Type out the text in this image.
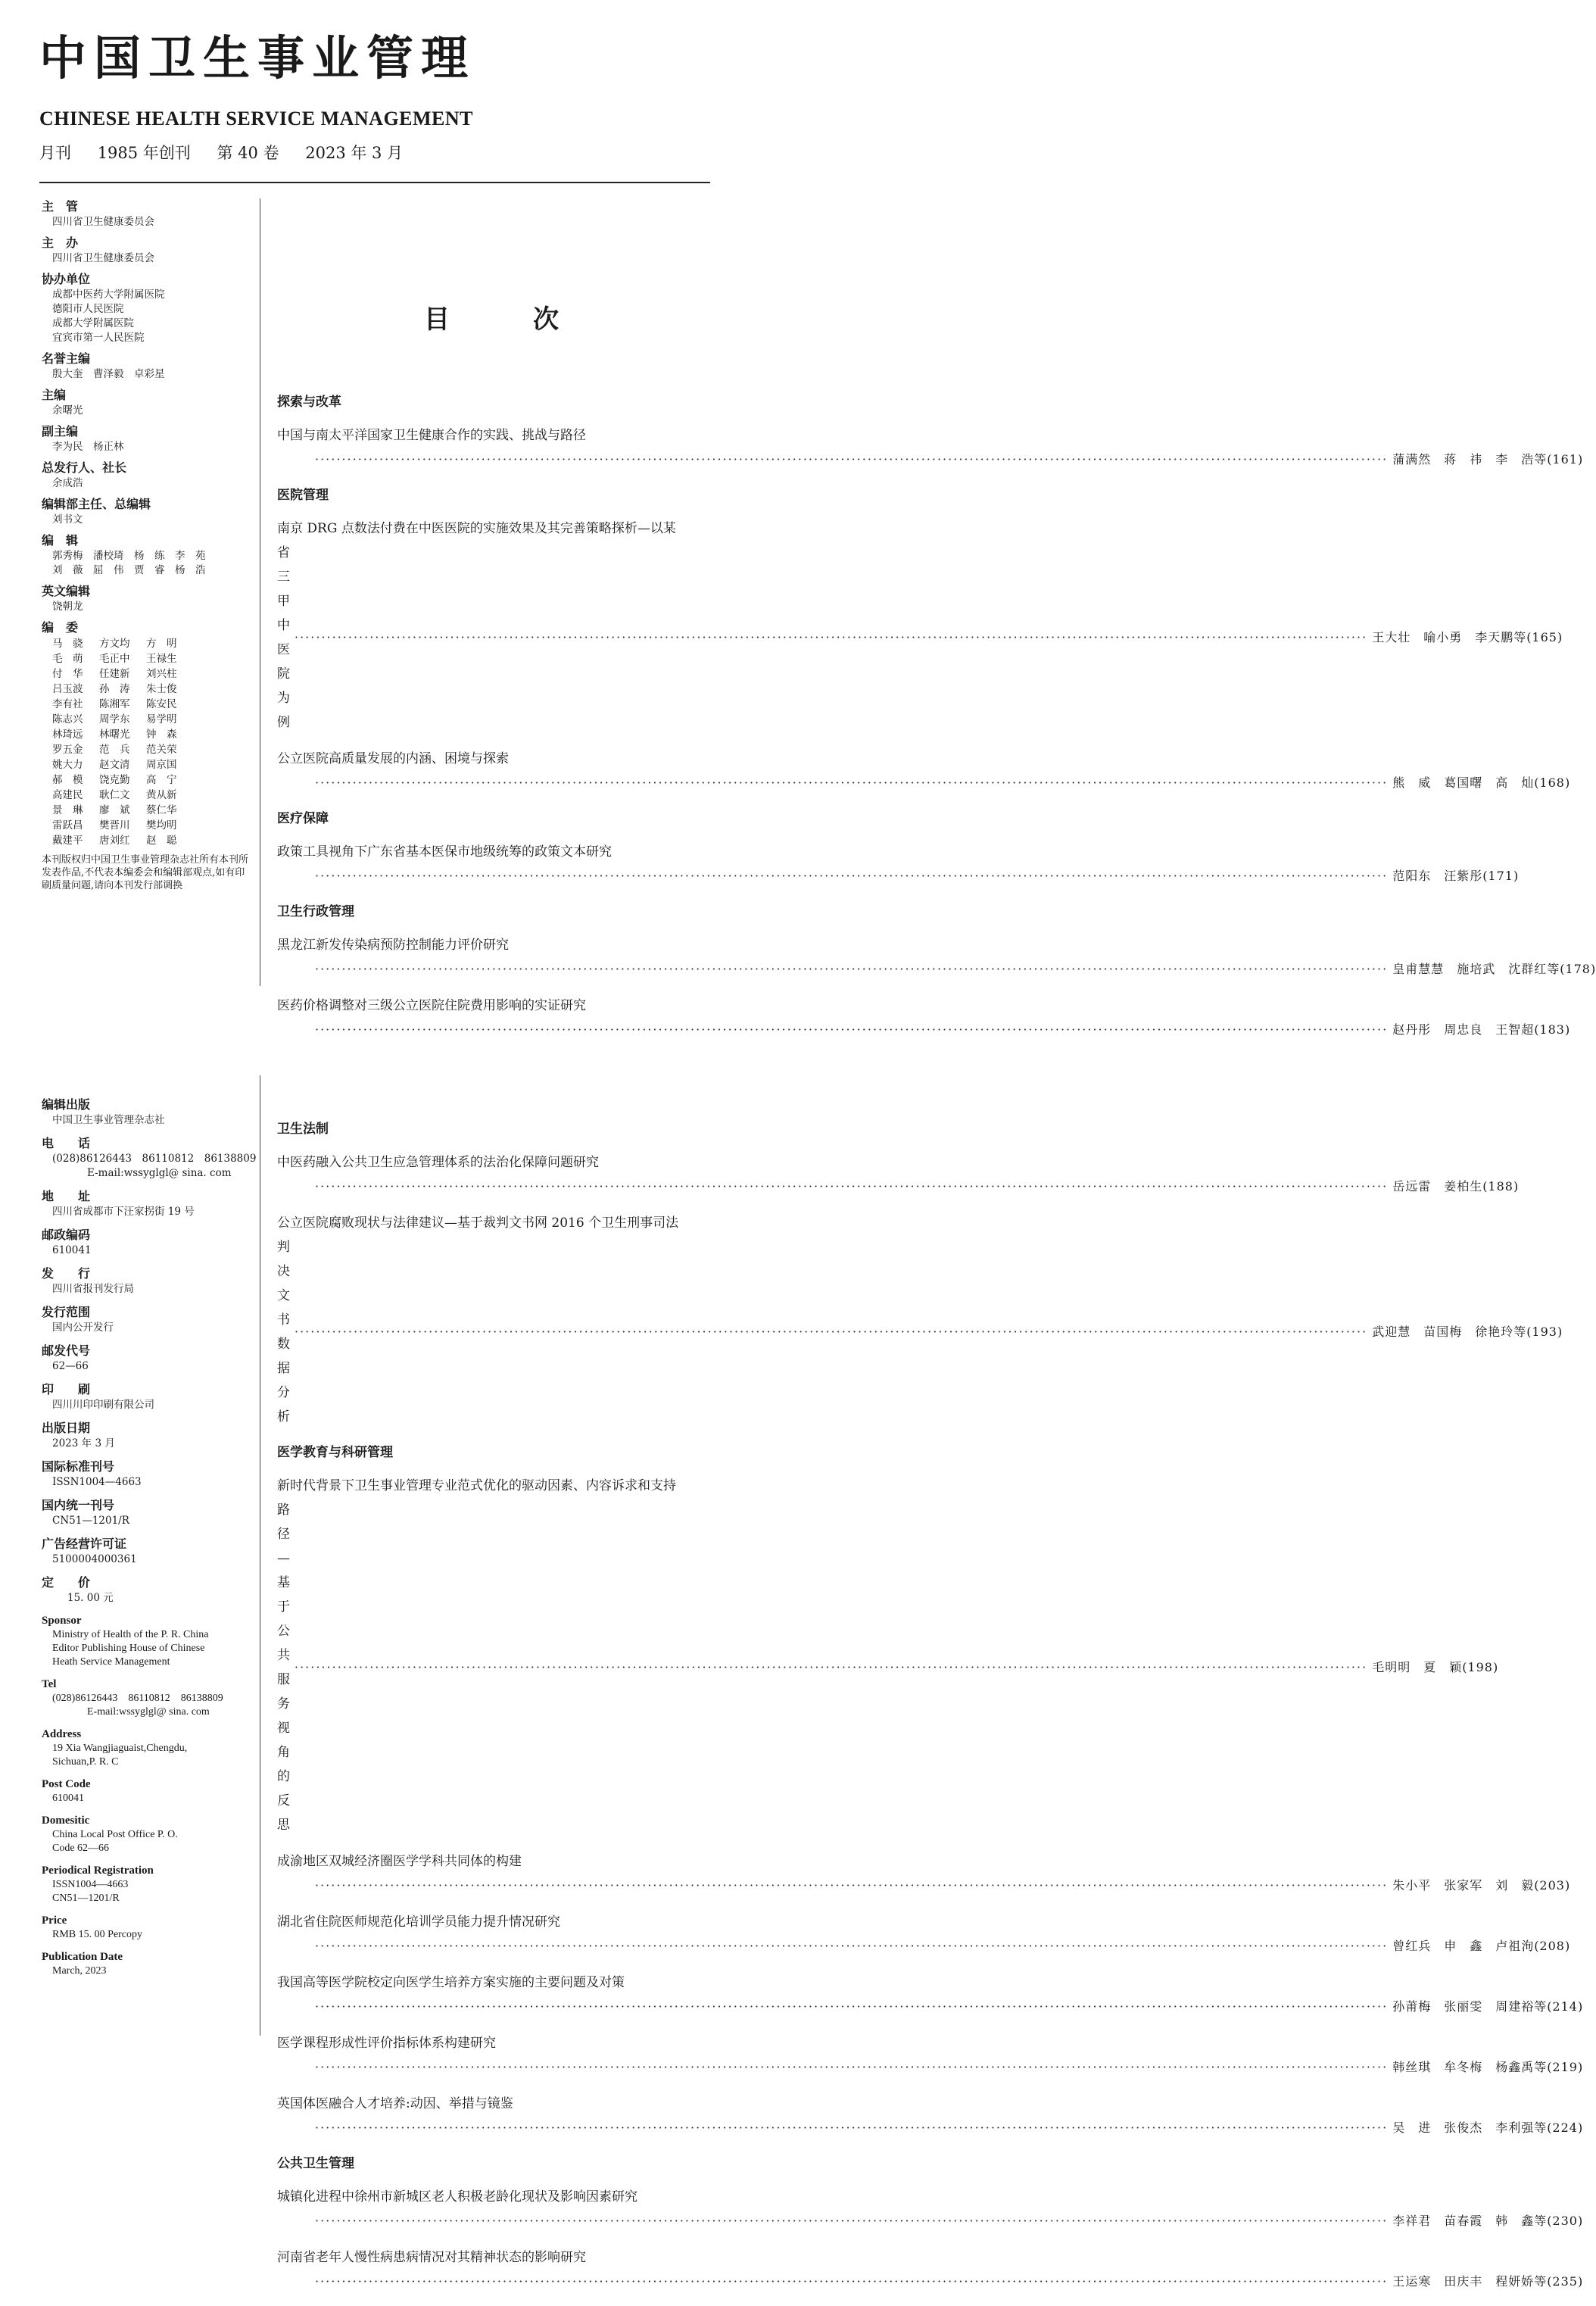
中国卫生事业管理
CHINESE HEALTH SERVICE MANAGEMENT
月刊 1985 年创刊 第 40 卷 2023 年 3 月
主　管
四川省卫生健康委员会
主　办
四川省卫生健康委员会
协办单位
成都中医药大学附属医院
德阳市人民医院
成都大学附属医院
宜宾市第一人民医院
名誉主编
殷大奎　曹泽毅　卓彩星
主编
余曙光
副主编
李为民　杨正林
总发行人、社长
余成浩
编辑部主任、总编辑
刘书文
编　辑
郭秀梅　潘校琦　杨　练　李　苑
刘　薇　屈　伟　贾　睿　杨　浩
英文编辑
饶朝龙
编　委
马　骁	方文均	方　明
毛　萌	毛正中	王禄生
付　华	任建新	刘兴柱
吕玉波	孙　涛	朱士俊
李有社	陈湘军	陈安民
陈志兴	周学东	易学明
林琦远	林曙光	钟　森
罗五金	范　兵	范关荣
姚大力	赵文清	周京国
郝　模	饶克勤	高　宁
高建民	耿仁文	黄从新
景　琳	廖　斌	蔡仁华
雷跃昌	樊晋川	樊均明
戴建平	唐刘红	赵　聪
本刊版权归中国卫生事业管理杂志社所有本刊所发表作品,不代表本编委会和编辑部观点,如有印刷质量问题,请向本刊发行部调换
目	次
探索与改革
中国与南太平洋国家卫生健康合作的实践、挑战与路径
········································································································································································································ 蒲满然　蒋　祎　李　浩等(161)
医院管理
南京 DRG 点数法付费在中医医院的实施效果及其完善策略探析—以某
省三甲中医院为例
········································································································································································································ 王大壮　喻小勇　李天鹏等(165)
公立医院高质量发展的内涵、困境与探索
········································································································································································································ 熊　威　葛国曙　高　灿(168)
医疗保障
政策工具视角下广东省基本医保市地级统筹的政策文本研究
········································································································································································································ 范阳东　汪紫彤(171)
卫生行政管理
黑龙江新发传染病预防控制能力评价研究
········································································································································································································ 皇甫慧慧　施培武　沈群红等(178)
医药价格调整对三级公立医院住院费用影响的实证研究
········································································································································································································ 赵丹彤　周忠良　王智超(183)
编辑出版
中国卫生事业管理杂志社
电　　话
(028)86126443　86110812　86138809
E-mail:wssyglgl@ sina. com
地　　址
四川省成都市下汪家拐街 19 号
邮政编码
610041
发　　行
四川省报刊发行局
发行范围
国内公开发行
邮发代号
62—66
印　　刷
四川川印印刷有限公司
出版日期
2023 年 3 月
国际标准刊号
ISSN1004—4663
国内统一刊号
CN51—1201/R
广告经营许可证
5100004000361
定　　价
15. 00 元
Sponsor
Ministry of Health of the P. R. China
Editor Publishing House of Chinese
Heath Service Management
Tel
(028)86126443　86110812　86138809
E-mail:wssyglgl@ sina. com
Address
19 Xia Wangjiaguaist,Chengdu,
Sichuan,P. R. C
Post Code
610041
Domesitic
China Local Post Office P. O.
Code 62—66
Periodical Registration
ISSN1004—4663
CN51—1201/R
Price
RMB 15. 00 Percopy
Publication Date
March, 2023
卫生法制
中医药融入公共卫生应急管理体系的法治化保障问题研究
········································································································································································································ 岳远雷　姜柏生(188)
公立医院腐败现状与法律建议—基于裁判文书网 2016 个卫生刑事司法
判决文书数据分析
········································································································································································································ 武迎慧　苗国梅　徐艳玲等(193)
医学教育与科研管理
新时代背景下卫生事业管理专业范式优化的驱动因素、内容诉求和支持
路径—基于公共服务视角的反思
········································································································································································································ 毛明明　夏　颖(198)
成渝地区双城经济圈医学学科共同体的构建
········································································································································································································ 朱小平　张家军　刘　毅(203)
湖北省住院医师规范化培训学员能力提升情况研究
········································································································································································································ 曾红兵　申　鑫　卢祖洵(208)
我国高等医学院校定向医学生培养方案实施的主要问题及对策
········································································································································································································ 孙莆梅　张丽雯　周建裕等(214)
医学课程形成性评价指标体系构建研究
········································································································································································································ 韩丝琪　牟冬梅　杨鑫禹等(219)
英国体医融合人才培养:动因、举措与镜鉴
········································································································································································································ 吴　进　张俊杰　李利强等(224)
公共卫生管理
城镇化进程中徐州市新城区老人积极老龄化现状及影响因素研究
········································································································································································································ 李祥君　苗春霞　韩　鑫等(230)
河南省老年人慢性病患病情况对其精神状态的影响研究
········································································································································································································ 王运寒　田庆丰　程妍娇等(235)
